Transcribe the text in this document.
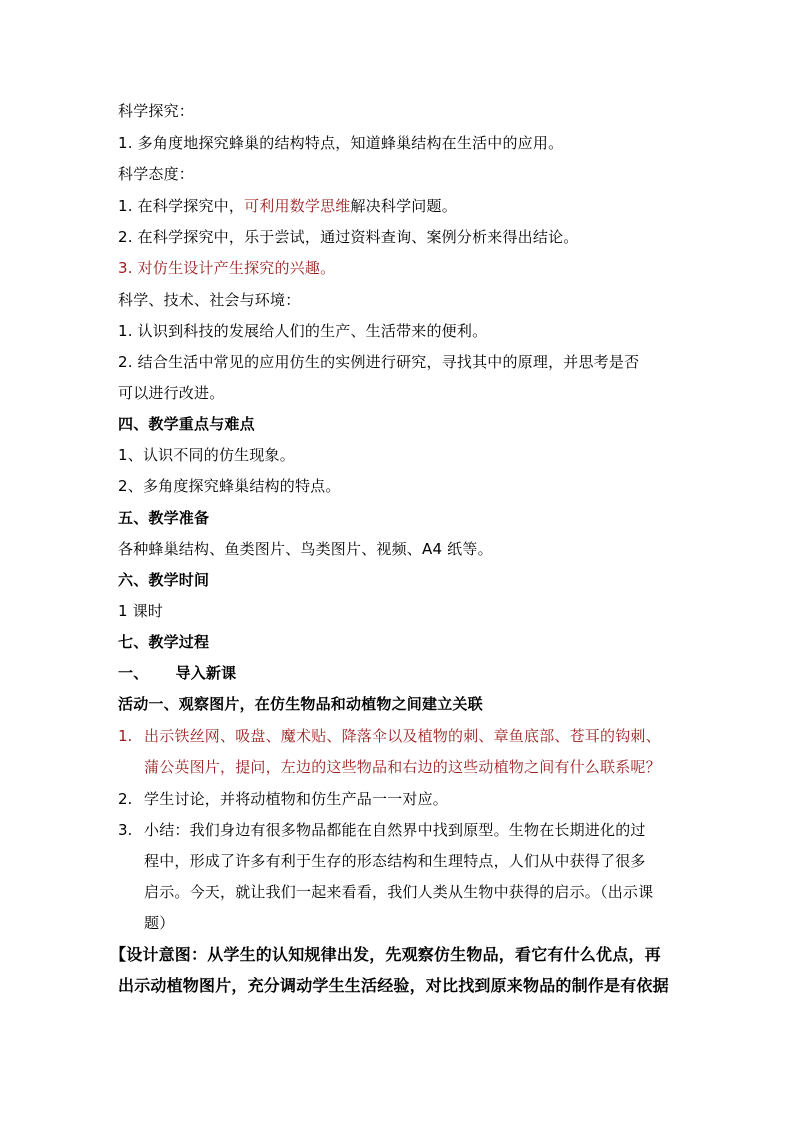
科学探究：
1. 多角度地探究蜂巢的结构特点，知道蜂巢结构在生活中的应用。
科学态度：
1. 在科学探究中，可利用数学思维解决科学问题。
2. 在科学探究中，乐于尝试，通过资料查询、案例分析来得出结论。
3. 对仿生设计产生探究的兴趣。
科学、技术、社会与环境：
1. 认识到科技的发展给人们的生产、生活带来的便利。
2. 结合生活中常见的应用仿生的实例进行研究，寻找其中的原理，并思考是否
可以进行改进。
四、教学重点与难点
1、认识不同的仿生现象。
2、多角度探究蜂巢结构的特点。
五、教学准备
各种蜂巢结构、鱼类图片、鸟类图片、视频、A4 纸等。
六、教学时间
1 课时
七、教学过程
一、     导入新课
活动一、观察图片，在仿生物品和动植物之间建立关联
1. 出示铁丝网、吸盘、魔术贴、降落伞以及植物的刺、章鱼底部、苍耳的钩刺、
蒲公英图片，提问，左边的这些物品和右边的这些动植物之间有什么联系呢？
2. 学生讨论，并将动植物和仿生产品一一对应。
3. 小结：我们身边有很多物品都能在自然界中找到原型。生物在长期进化的过
程中，形成了许多有利于生存的形态结构和生理特点，人们从中获得了很多
启示。今天，就让我们一起来看看，我们人类从生物中获得的启示。（出示课
题）
【设计意图：从学生的认知规律出发，先观察仿生物品，看它有什么优点，再
出示动植物图片，充分调动学生生活经验，对比找到原来物品的制作是有依据
